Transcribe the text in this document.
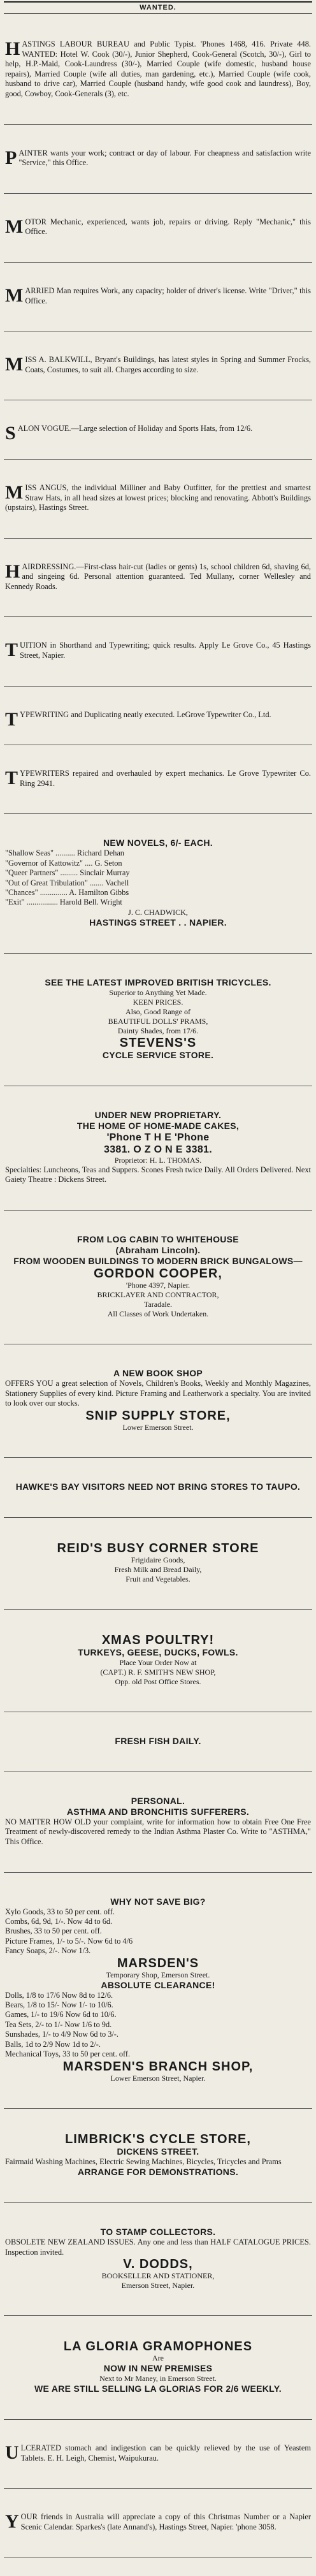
WANTED.

HASTINGS LABOUR BUREAU and Public Typist. 'Phones 1468, 416. Private 448. WANTED: Hotel W. Cook (30/-), Junior Shepherd, Cook-General (Scotch, 30/-), Girl to help, H.P.-Maid, Cook-Laundress (30/-), Married Couple (wife domestic, husband house repairs), Married Couple (wife all duties, man gardening, etc.), Married Couple (wife cook, husband to drive car), Married Couple (husband handy, wife good cook and laundress), Boy, good, Cowboy, Cook-Generals (3), etc.

PAINTER wants your work; contract or day of labour. For cheapness and satisfaction write "Service," this Office.

MOTOR Mechanic, experienced, wants job, repairs or driving. Reply "Mechanic," this Office.

MARRIED Man requires Work, any capacity; holder of driver's license. Write "Driver," this Office.

MISS A. BALKWILL, Bryant's Buildings, has latest styles in Spring and Summer Frocks, Coats, Costumes, to suit all. Charges according to size.

SALON VOGUE.—Large selection of Holiday and Sports Hats, from 12/6.

MISS ANGUS, the individual Milliner and Baby Outfitter, for the prettiest and smartest Straw Hats, in all head sizes at lowest prices; blocking and renovating. Abbott's Buildings (upstairs), Hastings Street.

HAIRDRESSING.—First-class hair-cut (ladies or gents) 1s, school children 6d, shaving 6d, and singeing 6d. Personal attention guaranteed. Ted Mullany, corner Wellesley and Kennedy Roads.

TUITION in Shorthand and Typewriting; quick results. Apply Le Grove Co., 45 Hastings Street, Napier.

TYPEWRITING and Duplicating neatly executed. LeGrove Typewriter Co., Ltd.

TYPEWRITERS repaired and overhauled by expert mechanics. Le Grove Typewriter Co. Ring 2941.

NEW NOVELS, 6/- EACH.
"Shallow Seas" .......... Richard Dehan
"Governor of Kattowitz" .... G. Seton
"Queer Partners" ......... Sinclair Murray
"Out of Great Tribulation" ....... Vachell
"Chances" .............. A. Hamilton Gibbs
"Exit" ................ Harold Bell. Wright
J. C. CHADWICK,
HASTINGS STREET . . NAPIER.
SEE THE LATEST IMPROVED BRITISH TRICYCLES.
Superior to Anything Yet Made.
KEEN PRICES.
Also, Good Range of
BEAUTIFUL DOLLS' PRAMS,
Dainty Shades, from 17/6.
STEVENS'S
CYCLE SERVICE STORE.
UNDER NEW PROPRIETARY.
THE HOME OF HOME-MADE CAKES,
'Phone T H E 'Phone
3381. O Z O N E 3381.
Proprietor: H. L. THOMAS.
Specialties: Luncheons, Teas and Suppers. Scones Fresh twice Daily. All Orders Delivered. Next Gaiety Theatre : Dickens Street.
FROM LOG CABIN TO WHITEHOUSE
(Abraham Lincoln).
FROM WOODEN BUILDINGS TO MODERN BRICK BUNGALOWS—
GORDON COOPER,
'Phone 4397, Napier.
BRICKLAYER AND CONTRACTOR,
Taradale.
All Classes of Work Undertaken.
A NEW BOOK SHOP
OFFERS YOU a great selection of Novels, Children's Books, Weekly and Monthly Magazines, Stationery Supplies of every kind. Picture Framing and Leatherwork a specialty. You are invited to look over our stocks.
SNIP SUPPLY STORE,
Lower Emerson Street.
HAWKE'S BAY VISITORS NEED NOT BRING STORES TO TAUPO.
REID'S BUSY CORNER STORE
Frigidaire Goods,
Fresh Milk and Bread Daily,
Fruit and Vegetables.
XMAS POULTRY!
TURKEYS, GEESE, DUCKS, FOWLS.
Place Your Order Now at
(CAPT.) R. F. SMITH'S NEW SHOP,
Opp. old Post Office Stores.
FRESH FISH DAILY.
PERSONAL.
ASTHMA AND BRONCHITIS SUFFERERS.
NO MATTER HOW OLD your complaint, write for information how to obtain Free One Free Treatment of newly-discovered remedy to the Indian Asthma Plaster Co. Write to "ASTHMA," This Office.
WHY NOT SAVE BIG?
Xylo Goods, 33 to 50 per cent. off.
Combs, 6d, 9d, 1/-. Now 4d to 6d.
Brushes, 33 to 50 per cent. off.
Picture Frames, 1/- to 5/-. Now 6d to 4/6
Fancy Soaps, 2/-. Now 1/3.
MARSDEN'S
Temporary Shop, Emerson Street.
ABSOLUTE CLEARANCE!
Dolls, 1/8 to 17/6 Now 8d to 12/6.
Bears, 1/8 to 15/- Now 1/- to 10/6.
Games, 1/- to 19/6 Now 6d to 10/6.
Tea Sets, 2/- to 1/- Now 1/6 to 9d.
Sunshades, 1/- to 4/9 Now 6d to 3/-.
Balls, 1d to 2/9 Now 1d to 2/-.
Mechanical Toys, 33 to 50 per cent. off.
MARSDEN'S BRANCH SHOP,
Lower Emerson Street, Napier.
LIMBRICK'S CYCLE STORE,
DICKENS STREET.
Fairmaid Washing Machines, Electric Sewing Machines, Bicycles, Tricycles and Prams
ARRANGE FOR DEMONSTRATIONS.
TO STAMP COLLECTORS.
OBSOLETE NEW ZEALAND ISSUES. Any one and less than HALF CATALOGUE PRICES. Inspection invited.
V. DODDS,
BOOKSELLER AND STATIONER,
Emerson Street, Napier.
LA GLORIA GRAMOPHONES
Are
NOW IN NEW PREMISES
Next to Mr Maney, in Emerson Street.
WE ARE STILL SELLING LA GLORIAS FOR 2/6 WEEKLY.

ULCERATED stomach and indigestion can be quickly relieved by the use of Yeastem Tablets. E. H. Leigh, Chemist, Waipukurau.

YOUR friends in Australia will appreciate a copy of this Christmas Number or a Napier Scenic Calendar. Sparkes's (late Annand's), Hastings Street, Napier. 'phone 3058.
